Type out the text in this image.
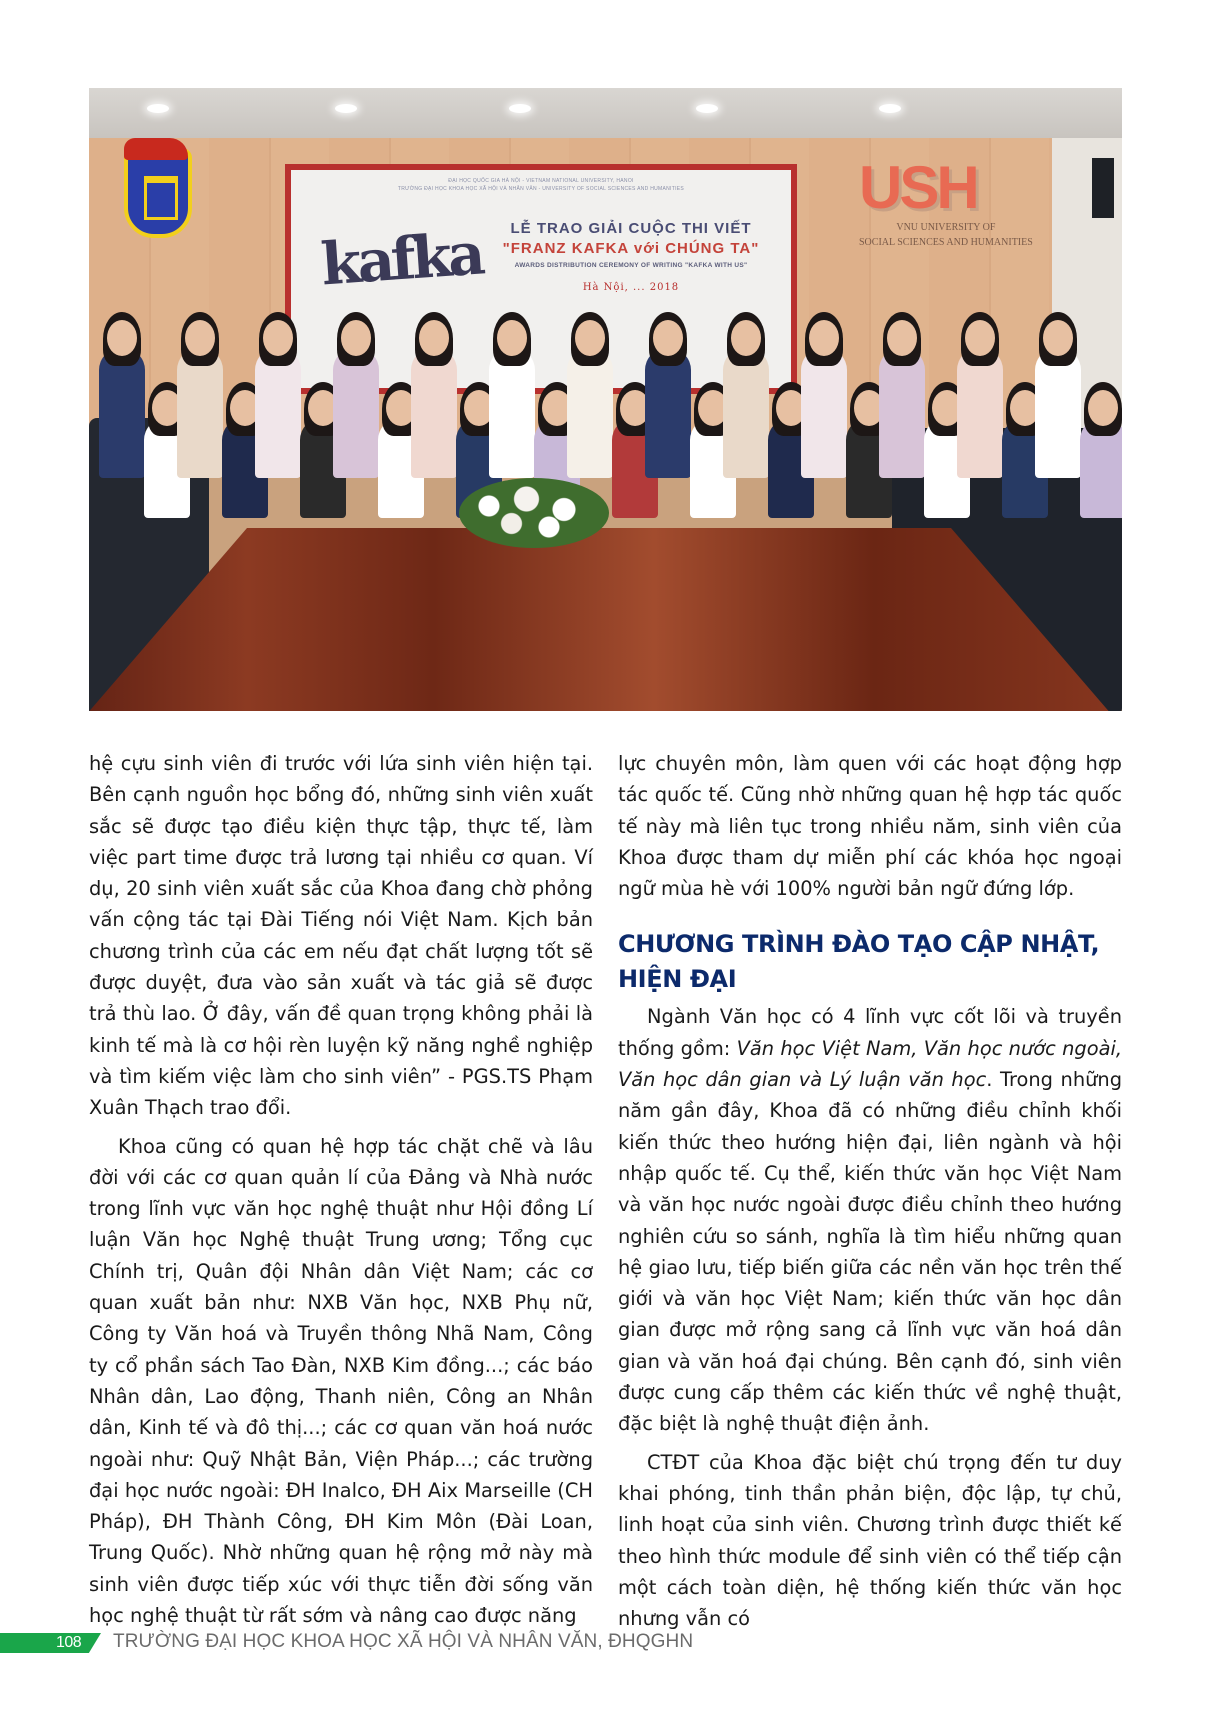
ĐẠI HỌC QUỐC GIA HÀ NỘI - VIETNAM NATIONAL UNIVERSITY, HANOI
TRƯỜNG ĐẠI HỌC KHOA HỌC XÃ HỘI VÀ NHÂN VĂN - UNIVERSITY OF SOCIAL SCIENCES AND HUMANITIES
kafka	LỄ TRAO GIẢI CUỘC THI VIẾT
"FRANZ KAFKA với CHÚNG TA"
AWARDS DISTRIBUTION CEREMONY OF WRITING "KAFKA WITH US"
Hà Nội, ... 2018
USH
VNU UNIVERSITY OF
SOCIAL SCIENCES AND HUMANITIES

hệ cựu sinh viên đi trước với lứa sinh viên hiện tại. Bên cạnh nguồn học bổng đó, những sinh viên xuất sắc sẽ được tạo điều kiện thực tập, thực tế, làm việc part time được trả lương tại nhiều cơ quan. Ví dụ, 20 sinh viên xuất sắc của Khoa đang chờ phỏng vấn cộng tác tại Đài Tiếng nói Việt Nam. Kịch bản chương trình của các em nếu đạt chất lượng tốt sẽ được duyệt, đưa vào sản xuất và tác giả sẽ được trả thù lao. Ở đây, vấn đề quan trọng không phải là kinh tế mà là cơ hội rèn luyện kỹ năng nghề nghiệp và tìm kiếm việc làm cho sinh viên” - PGS.TS Phạm Xuân Thạch trao đổi.

Khoa cũng có quan hệ hợp tác chặt chẽ và lâu đời với các cơ quan quản lí của Đảng và Nhà nước trong lĩnh vực văn học nghệ thuật như Hội đồng Lí luận Văn học Nghệ thuật Trung ương; Tổng cục Chính trị, Quân đội Nhân dân Việt Nam; các cơ quan xuất bản như: NXB Văn học, NXB Phụ nữ, Công ty Văn hoá và Truyền thông Nhã Nam, Công ty cổ phần sách Tao Đàn, NXB Kim đồng...; các báo Nhân dân, Lao động, Thanh niên, Công an Nhân dân, Kinh tế và đô thị...; các cơ quan văn hoá nước ngoài như: Quỹ Nhật Bản, Viện Pháp...; các trường đại học nước ngoài: ĐH Inalco, ĐH Aix Marseille (CH Pháp), ĐH Thành Công, ĐH Kim Môn (Đài Loan, Trung Quốc). Nhờ những quan hệ rộng mở này mà sinh viên được tiếp xúc với thực tiễn đời sống văn học nghệ thuật từ rất sớm và nâng cao được năng

lực chuyên môn, làm quen với các hoạt động hợp tác quốc tế. Cũng nhờ những quan hệ hợp tác quốc tế này mà liên tục trong nhiều năm, sinh viên của Khoa được tham dự miễn phí các khóa học ngoại ngữ mùa hè với 100% người bản ngữ đứng lớp.

CHƯƠNG TRÌNH ĐÀO TẠO CẬP NHẬT, HIỆN ĐẠI

Ngành Văn học có 4 lĩnh vực cốt lõi và truyền thống gồm: Văn học Việt Nam, Văn học nước ngoài, Văn học dân gian và Lý luận văn học. Trong những năm gần đây, Khoa đã có những điều chỉnh khối kiến thức theo hướng hiện đại, liên ngành và hội nhập quốc tế. Cụ thể, kiến thức văn học Việt Nam và văn học nước ngoài được điều chỉnh theo hướng nghiên cứu so sánh, nghĩa là tìm hiểu những quan hệ giao lưu, tiếp biến giữa các nền văn học trên thế giới và văn học Việt Nam; kiến thức văn học dân gian được mở rộng sang cả lĩnh vực văn hoá dân gian và văn hoá đại chúng. Bên cạnh đó, sinh viên được cung cấp thêm các kiến thức về nghệ thuật, đặc biệt là nghệ thuật điện ảnh.

CTĐT của Khoa đặc biệt chú trọng đến tư duy khai phóng, tinh thần phản biện, độc lập, tự chủ, linh hoạt của sinh viên. Chương trình được thiết kế theo hình thức module để sinh viên có thể tiếp cận một cách toàn diện, hệ thống kiến thức văn học nhưng vẫn có

108	TRƯỜNG ĐẠI HỌC KHOA HỌC XÃ HỘI VÀ NHÂN VĂN, ĐHQGHN
